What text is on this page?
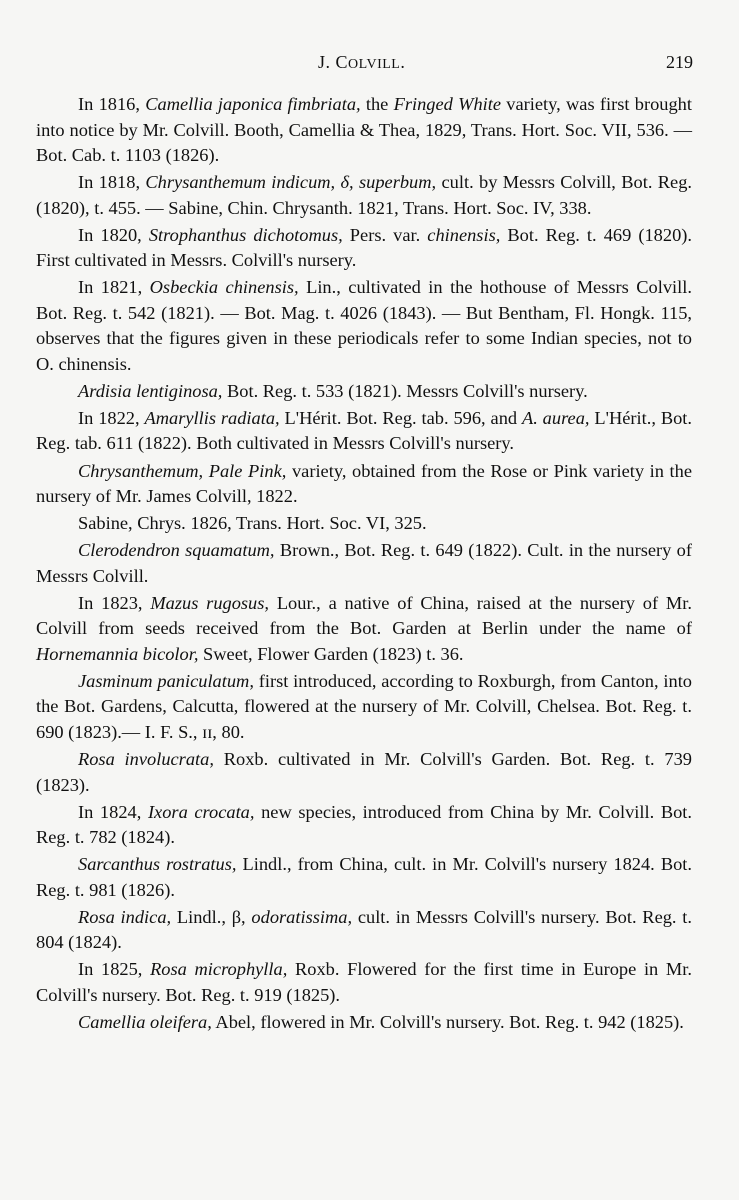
J. COLVILL.	219

In 1816, Camellia japonica fimbriata, the Fringed White variety, was first brought into notice by Mr. Colvill. Booth, Camellia & Thea, 1829, Trans. Hort. Soc. VII, 536. — Bot. Cab. t. 1103 (1826).

In 1818, Chrysanthemum indicum, δ, superbum, cult. by Messrs Colvill, Bot. Reg. (1820), t. 455. — Sabine, Chin. Chrysanth. 1821, Trans. Hort. Soc. IV, 338.

In 1820, Strophanthus dichotomus, Pers. var. chinensis, Bot. Reg. t. 469 (1820). First cultivated in Messrs. Colvill's nursery.

In 1821, Osbeckia chinensis, Lin., cultivated in the hothouse of Messrs Colvill. Bot. Reg. t. 542 (1821). — Bot. Mag. t. 4026 (1843). — But Bentham, Fl. Hongk. 115, observes that the figures given in these periodicals refer to some Indian species, not to O. chinensis.

Ardisia lentiginosa, Bot. Reg. t. 533 (1821). Messrs Colvill's nursery.

In 1822, Amaryllis radiata, L'Hérit. Bot. Reg. tab. 596, and A. aurea, L'Hérit., Bot. Reg. tab. 611 (1822). Both cultivated in Messrs Colvill's nursery.

Chrysanthemum, Pale Pink, variety, obtained from the Rose or Pink variety in the nursery of Mr. James Colvill, 1822.

Sabine, Chrys. 1826, Trans. Hort. Soc. VI, 325.

Clerodendron squamatum, Brown., Bot. Reg. t. 649 (1822). Cult. in the nursery of Messrs Colvill.

In 1823, Mazus rugosus, Lour., a native of China, raised at the nursery of Mr. Colvill from seeds received from the Bot. Garden at Berlin under the name of Hornemannia bicolor, Sweet, Flower Garden (1823) t. 36.

Jasminum paniculatum, first introduced, according to Roxburgh, from Canton, into the Bot. Gardens, Calcutta, flowered at the nursery of Mr. Colvill, Chelsea. Bot. Reg. t. 690 (1823).— I. F. S., ɪɪ, 80.

Rosa involucrata, Roxb. cultivated in Mr. Colvill's Garden. Bot. Reg. t. 739 (1823).

In 1824, Ixora crocata, new species, introduced from China by Mr. Colvill. Bot. Reg. t. 782 (1824).

Sarcanthus rostratus, Lindl., from China, cult. in Mr. Colvill's nursery 1824. Bot. Reg. t. 981 (1826).

Rosa indica, Lindl., β, odoratissima, cult. in Messrs Colvill's nursery. Bot. Reg. t. 804 (1824).

In 1825, Rosa microphylla, Roxb. Flowered for the first time in Europe in Mr. Colvill's nursery. Bot. Reg. t. 919 (1825).

Camellia oleifera, Abel, flowered in Mr. Colvill's nursery. Bot. Reg. t. 942 (1825).
